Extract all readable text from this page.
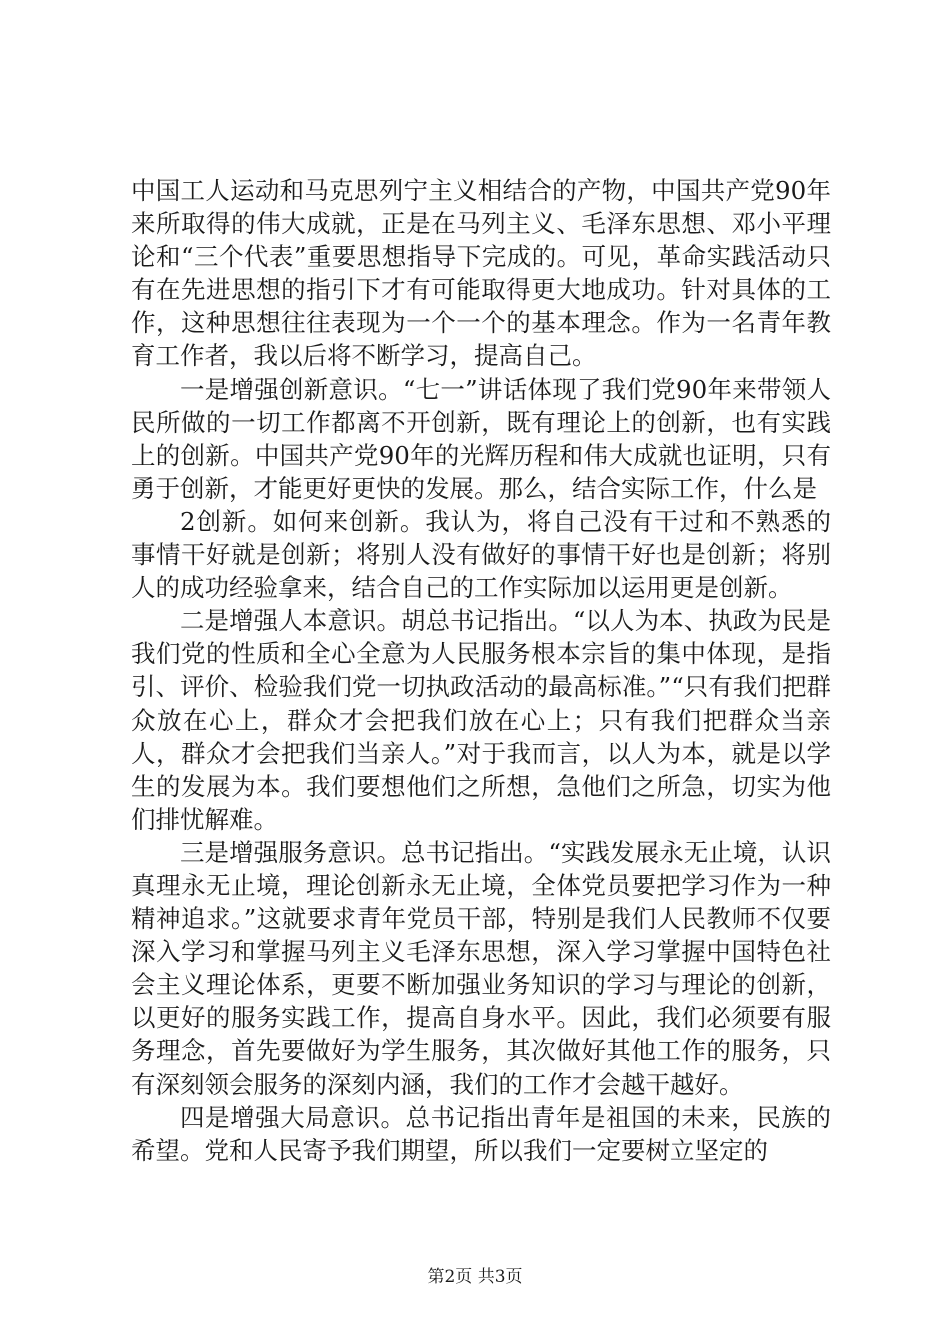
中国工人运动和马克思列宁主义相结合的产物，中国共产党90年来所取得的伟大成就，正是在马列主义、毛泽东思想、邓小平理论和“三个代表”重要思想指导下完成的。可见，革命实践活动只有在先进思想的指引下才有可能取得更大地成功。针对具体的工作，这种思想往往表现为一个一个的基本理念。作为一名青年教育工作者，我以后将不断学习，提高自己。

一是增强创新意识。“七一”讲话体现了我们党90年来带领人民所做的一切工作都离不开创新，既有理论上的创新，也有实践上的创新。中国共产党90年的光辉历程和伟大成就也证明，只有勇于创新，才能更好更快的发展。那么，结合实际工作，什么是

2创新。如何来创新。我认为，将自己没有干过和不熟悉的事情干好就是创新；将别人没有做好的事情干好也是创新；将别人的成功经验拿来，结合自己的工作实际加以运用更是创新。

二是增强人本意识。胡总书记指出。“以人为本、执政为民是我们党的性质和全心全意为人民服务根本宗旨的集中体现，是指引、评价、检验我们党一切执政活动的最高标准。”“只有我们把群众放在心上，群众才会把我们放在心上；只有我们把群众当亲人，群众才会把我们当亲人。”对于我而言，以人为本，就是以学生的发展为本。我们要想他们之所想，急他们之所急，切实为他们排忧解难。

三是增强服务意识。总书记指出。“实践发展永无止境，认识真理永无止境，理论创新永无止境，全体党员要把学习作为一种精神追求。”这就要求青年党员干部，特别是我们人民教师不仅要深入学习和掌握马列主义毛泽东思想，深入学习掌握中国特色社会主义理论体系，更要不断加强业务知识的学习与理论的创新，以更好的服务实践工作，提高自身水平。因此，我们必须要有服务理念，首先要做好为学生服务，其次做好其他工作的服务，只有深刻领会服务的深刻内涵，我们的工作才会越干越好。

四是增强大局意识。总书记指出青年是祖国的未来，民族的希望。党和人民寄予我们期望，所以我们一定要树立坚定的

第2页 共3页
